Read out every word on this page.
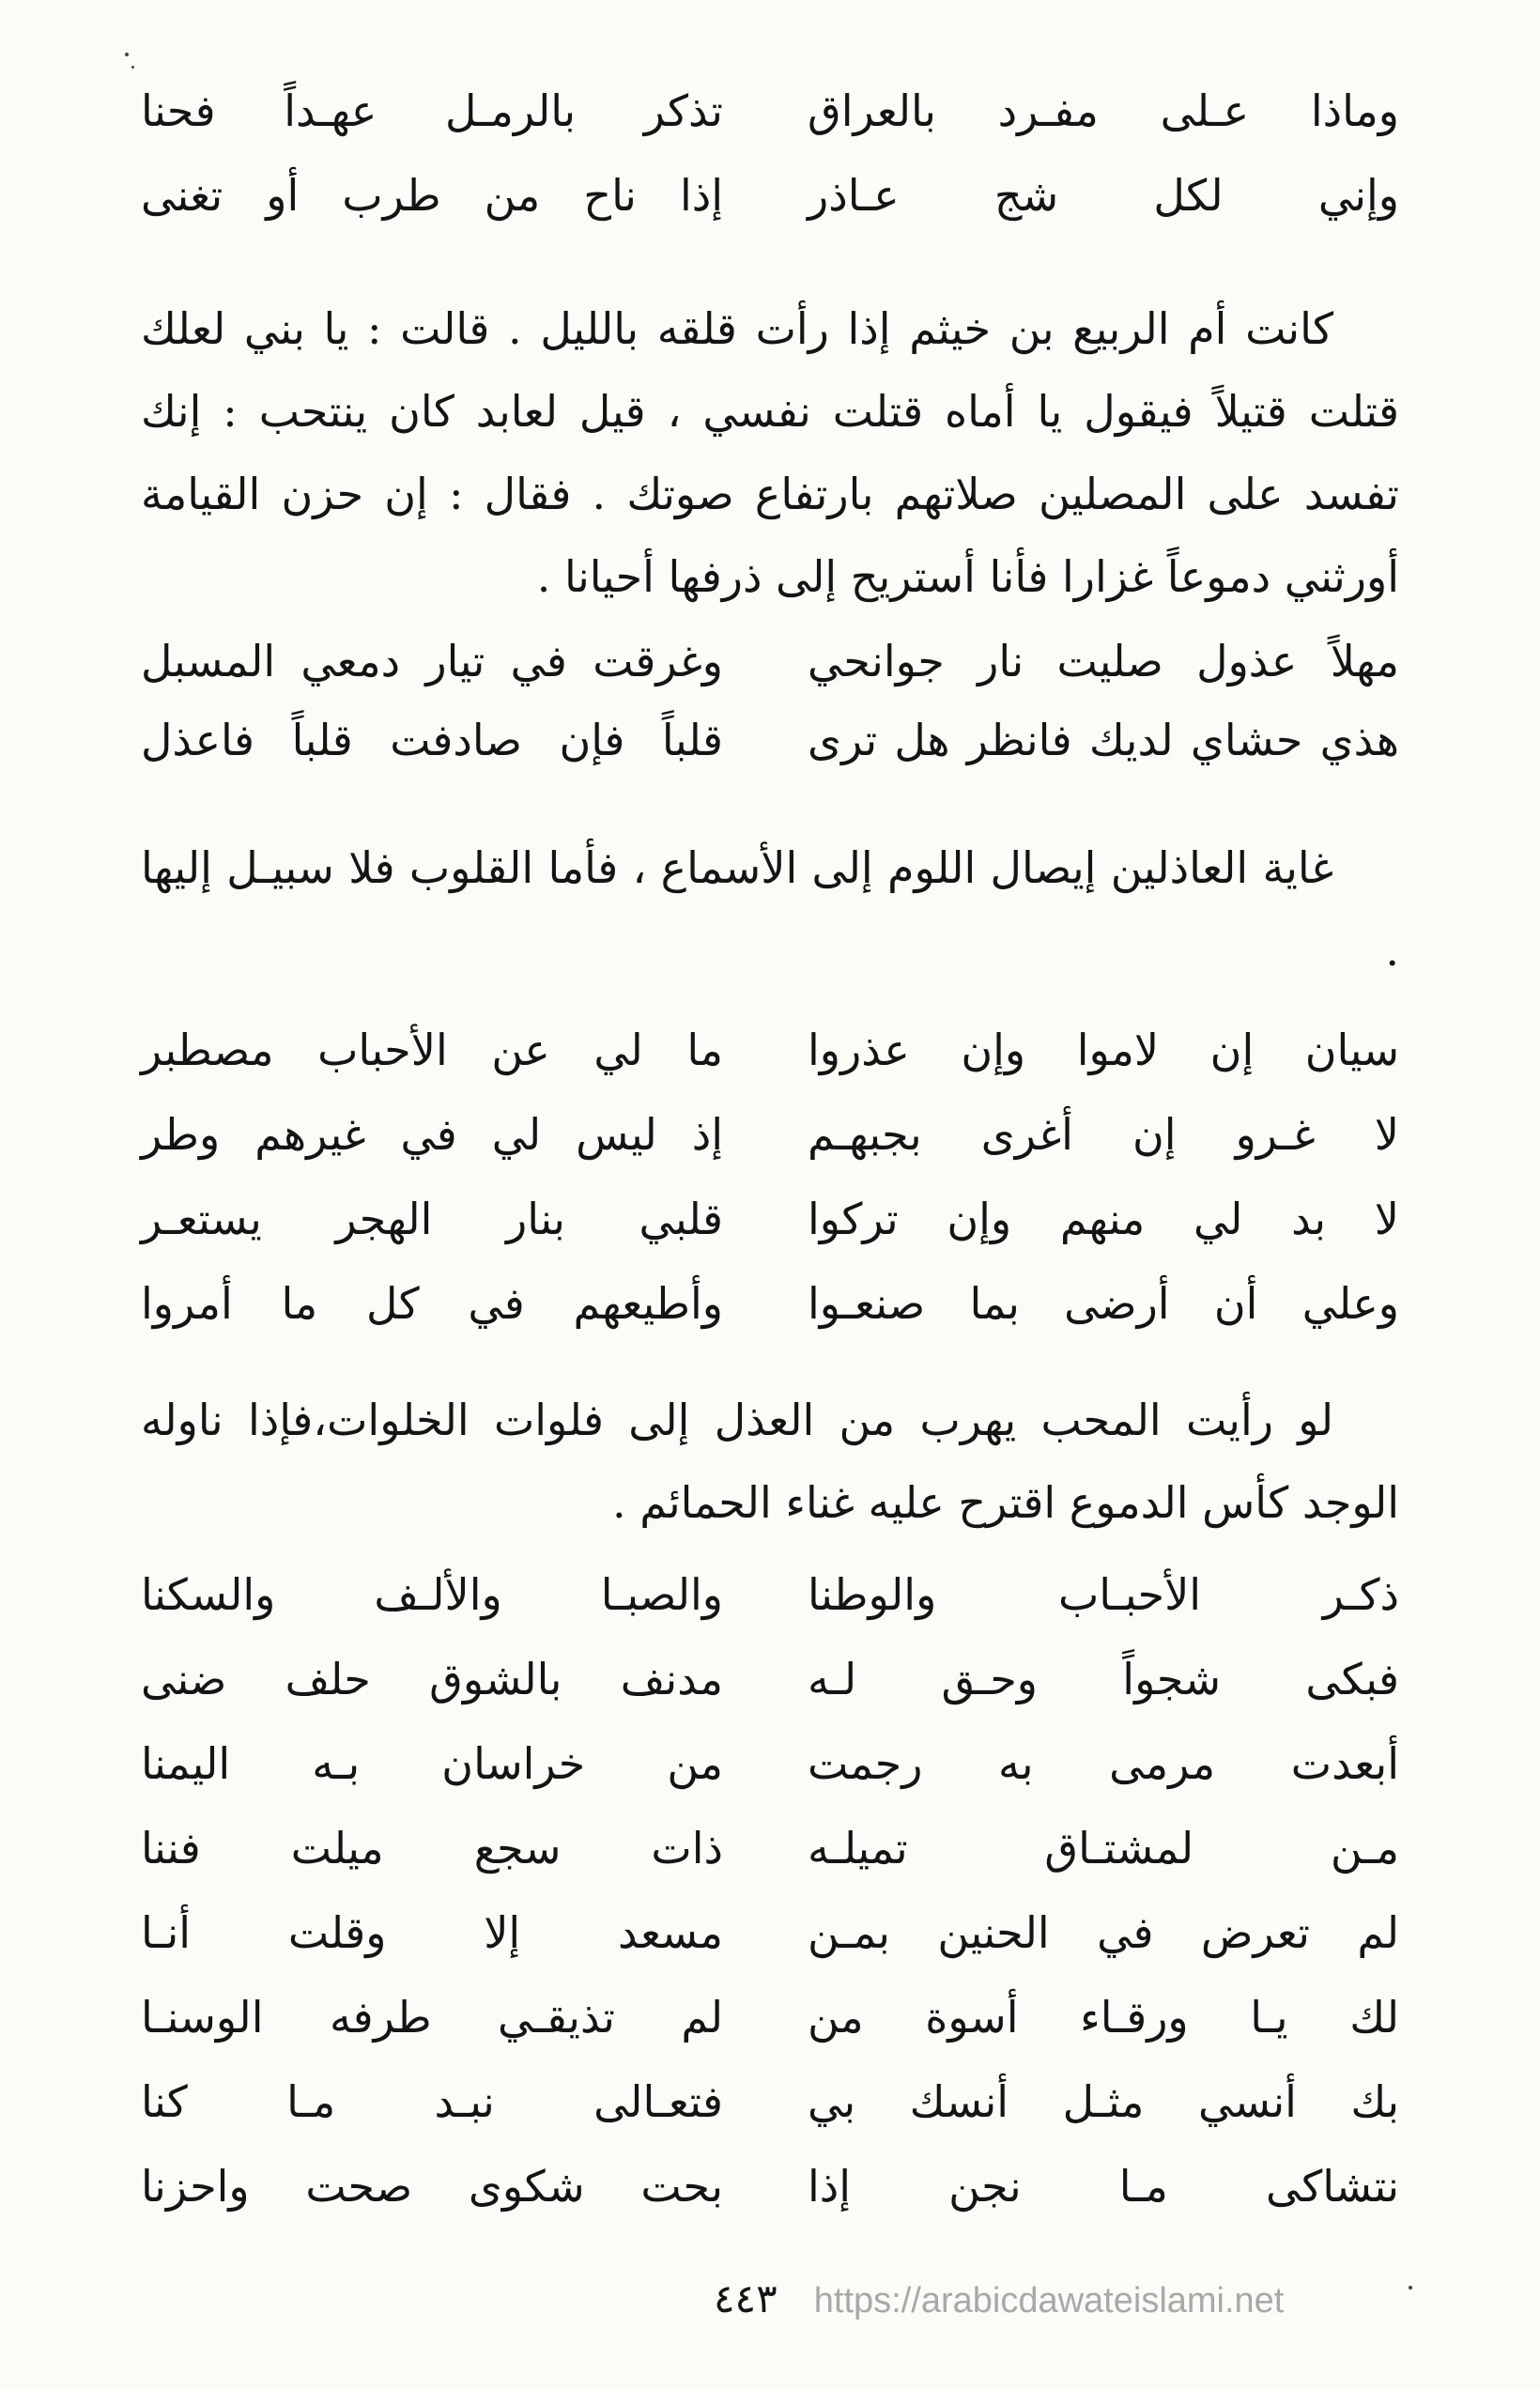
وماذا عـلى مفـرد بالعراق
تذكر بالرمـل عهـداً فحنا
وإني لكل شج عـاذر
إذا ناح من طرب أو تغنى
كانت أم الربيع بن خيثم إذا رأت قلقه بالليل . قالت : يا بني لعلك قتلت قتيلاً فيقول يا أماه قتلت نفسي ، قيل لعابد كان ينتحب : إنك تفسد على المصلين صلاتهم بارتفاع صوتك . فقال : إن حزن القيامة أورثني دموعاً غزارا فأنا أستريح إلى ذرفها أحيانا .
مهلاً عذول صليت نار جوانحي
وغرقت في تيار دمعي المسبل
هذي حشاي لديك فانظر هل ترى
قلباً فإن صادفت قلباً فاعذل
غاية العاذلين إيصال اللوم إلى الأسماع ، فأما القلوب فلا سبيـل إليها .
سيان إن لاموا وإن عذروا
ما لي عن الأحباب مصطبر
لا غـرو إن أغرى بجبهـم
إذ ليس لي في غيرهم وطر
لا بد لي منهم وإن تركوا
قلبي بنار الهجر يستعـر
وعلي أن أرضى بما صنعـوا
وأطيعهم في كل ما أمروا
لو رأيت المحب يهرب من العذل إلى فلوات الخلوات،فإذا ناوله الوجد كأس الدموع اقترح عليه غناء الحمائم .
ذكـر الأحبـاب والوطنا
والصبـا والألـف والسكنا
فبكى شجواً وحـق لـه
مدنف بالشوق حلف ضنى
أبعدت مرمى به رجمت
من خراسان بـه اليمنا
مـن لمشتـاق تميلـه
ذات سجع ميلت فننا
لم تعرض في الحنين بمـن
مسعد إلا وقلت أنـا
لك يـا ورقـاء أسوة من
لم تذيقـي طرفه الوسنـا
بك أنسي مثـل أنسك بي
فتعـالى نبـد مـا كنا
نتشاكى مـا نجن إذا
بحت شكوى صحت واحزنا
٤٤٣ https://arabicdawateislami.net
